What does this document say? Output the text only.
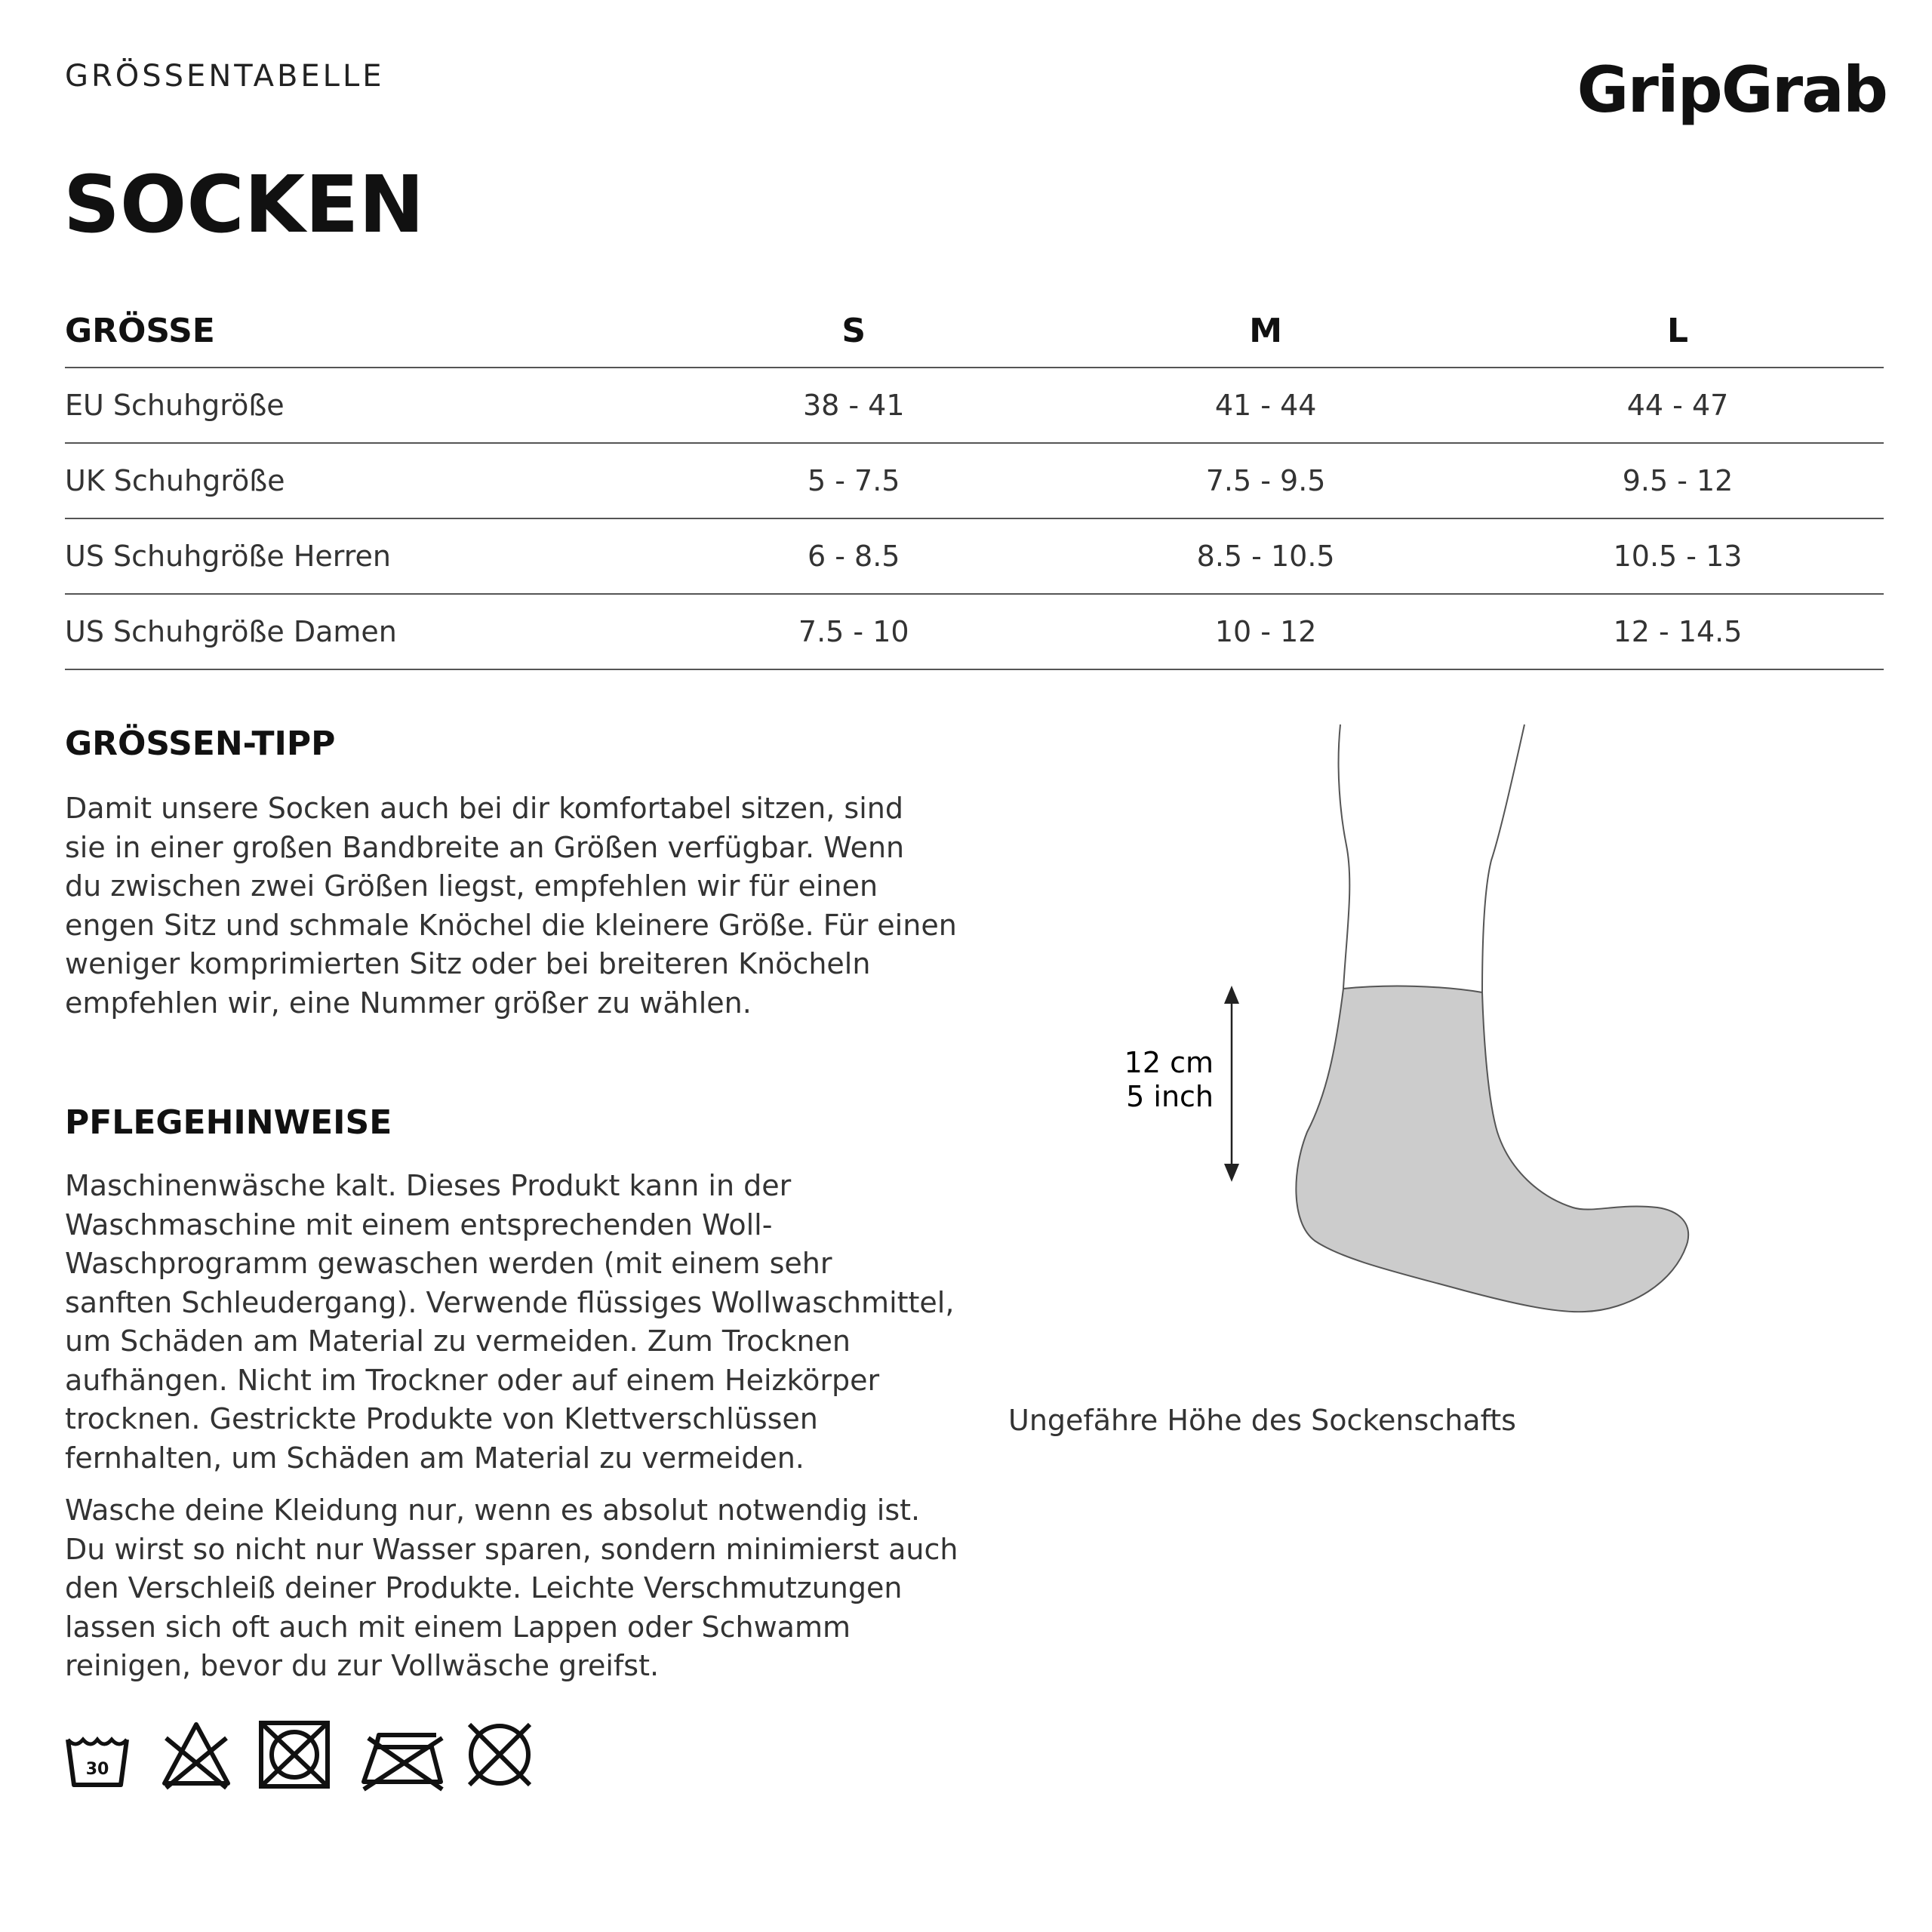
GRÖSSENTABELLE	GripGrab
SOCKEN
GRÖSSE	S	M	L
EU Schuhgröße	38 - 41	41 - 44	44 - 47
UK Schuhgröße	5 - 7.5	7.5 - 9.5	9.5 - 12
US Schuhgröße Herren	6 - 8.5	8.5 - 10.5	10.5 - 13
US Schuhgröße Damen	7.5 - 10	10 - 12	12 - 14.5
GRÖSSEN-TIPP
Damit unsere Socken auch bei dir komfortabel sitzen, sind
sie in einer großen Bandbreite an Größen verfügbar. Wenn
du zwischen zwei Größen liegst, empfehlen wir für einen
engen Sitz und schmale Knöchel die kleinere Größe. Für einen
weniger komprimierten Sitz oder bei breiteren Knöcheln
empfehlen wir, eine Nummer größer zu wählen.
PFLEGEHINWEISE
Maschinenwäsche kalt. Dieses Produkt kann in der
Waschmaschine mit einem entsprechenden Woll-
Waschprogramm gewaschen werden (mit einem sehr
sanften Schleudergang). Verwende flüssiges Wollwaschmittel,
um Schäden am Material zu vermeiden. Zum Trocknen
aufhängen. Nicht im Trockner oder auf einem Heizkörper
trocknen. Gestrickte Produkte von Klettverschlüssen
fernhalten, um Schäden am Material zu vermeiden.
Wasche deine Kleidung nur, wenn es absolut notwendig ist.
Du wirst so nicht nur Wasser sparen, sondern minimierst auch
den Verschleiß deiner Produkte. Leichte Verschmutzungen
lassen sich oft auch mit einem Lappen oder Schwamm
reinigen, bevor du zur Vollwäsche greifst.
30
12 cm
5 inch
Ungefähre Höhe des Sockenschafts
